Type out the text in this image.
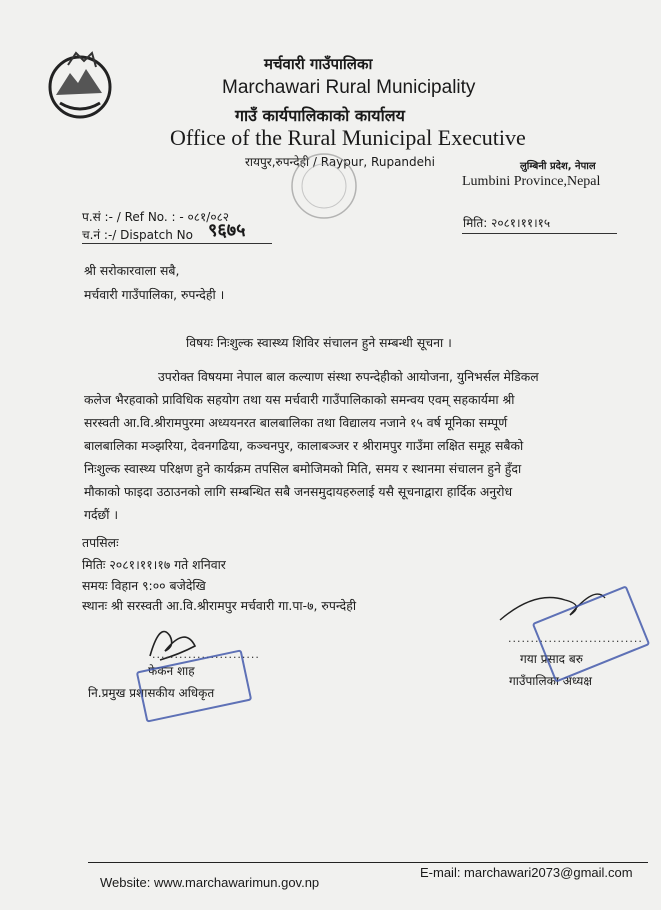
मर्चवारी गाउँपालिका
Marchawari Rural Municipality
गाउँ कार्यपालिकाको कार्यालय
Office of the Rural Municipal Executive
रायपुर,रुपन्देही / Raypur, Rupandehi	लुम्बिनी प्रदेश, नेपाल
Lumbini Province,Nepal
प.सं :- / Ref No. : - ०८१/०८२
च.नं :-/ Dispatch No ९६७५	मिति: २०८१।११।१५
श्री सरोकारवाला सबै,
मर्चवारी गाउँपालिका, रुपन्देही ।
विषयः निःशुल्क स्वास्थ्य शिविर संचालन हुने सम्बन्धी सूचना ।
उपरोक्त विषयमा नेपाल बाल कल्याण संस्था रुपन्देहीको आयोजना, युनिभर्सल मेडिकल
कलेज भैरहवाको प्राविधिक सहयोग तथा यस मर्चवारी गाउँपालिकाको समन्वय एवम् सहकार्यमा श्री
सरस्वती आ.वि.श्रीरामपुरमा अध्ययनरत बालबालिका तथा विद्यालय नजाने १५ वर्ष मूनिका सम्पूर्ण
बालबालिका मञ्झरिया, देवनगढिया, कञ्चनपुर, कालाबञ्जर र श्रीरामपुर गाउँमा लक्षित समूह सबैको
निःशुल्क स्वास्थ्य परिक्षण हुने कार्यक्रम तपसिल बमोजिमको मिति, समय र स्थानमा संचालन हुने हुँदा
मौकाको फाइदा उठाउनको लागि सम्बन्धित सबै जनसमुदायहरुलाई यसै सूचनाद्वारा हार्दिक अनुरोध
गर्दछौं ।
तपसिलः
मितिः २०८१।११।१७ गते शनिवार
समयः विहान ९:०० बजेदेखि
स्थानः श्री सरस्वती आ.वि.श्रीरामपुर मर्चवारी गा.पा-७, रुपन्देही
........................
फेकन शाह
नि.प्रमुख प्रशासकीय अधिकृत
..............................
गया प्रसाद बरु
गाउँपालिका अध्यक्ष
Website: www.marchawarimun.gov.np
E-mail: marchawari2073@gmail.com
